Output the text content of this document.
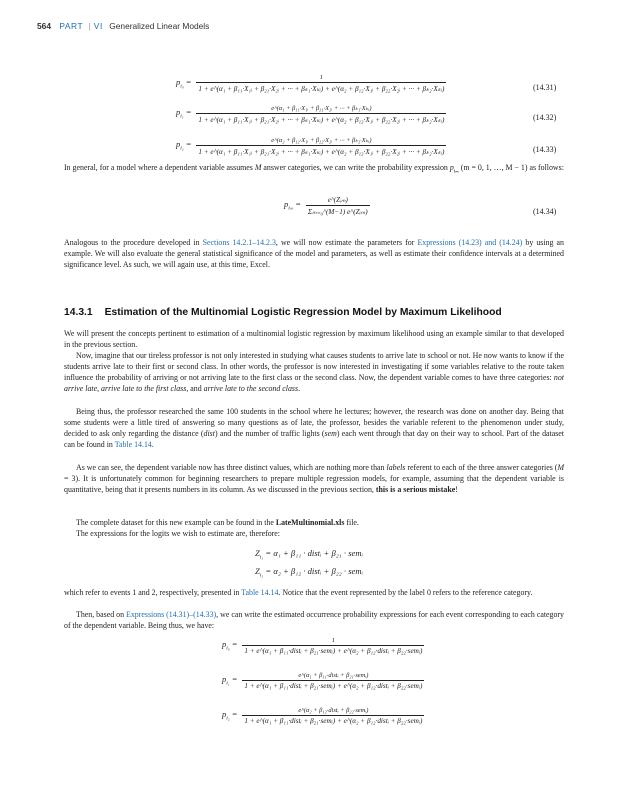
564 PART | VI Generalized Linear Models
$p_{i_0}$ =
1
1 + e^(α₁ + β₁₁·X₁ᵢ + β₂₁·X₂ᵢ + ··· + βₖ₁·Xₖᵢ) + e^(α₂ + β₁₂·X₁ᵢ + β₂₂·X₂ᵢ + ··· + βₖ₂·Xₖᵢ)	(14.31)
$p_{i_1}$ =	e^(α₁ + β₁₁·X₁ᵢ + β₂₁·X₂ᵢ + ··· + βₖ₁·Xₖᵢ)
1 + e^(α₁ + β₁₁·X₁ᵢ + β₂₁·X₂ᵢ + ··· + βₖ₁·Xₖᵢ) + e^(α₂ + β₁₂·X₁ᵢ + β₂₂·X₂ᵢ + ··· + βₖ₂·Xₖᵢ)	(14.32)
$p_{i_2}$ =	e^(α₂ + β₁₂·X₁ᵢ + β₂₂·X₂ᵢ + ··· + βₖ₂·Xₖᵢ)
1 + e^(α₁ + β₁₁·X₁ᵢ + β₂₁·X₂ᵢ + ··· + βₖ₁·Xₖᵢ) + e^(α₂ + β₁₂·X₁ᵢ + β₂₂·X₂ᵢ + ··· + βₖ₂·Xₖᵢ)	(14.33)

In general, for a model where a dependent variable assumes M answer categories, we can write the probability expression $p_{i_m}$ (m = 0, 1, …, M − 1) as follows:

$p_{i_m} = \frac{\text{e\textasciicircum{}(Zᵢₘ)}}{\text{Σₘ₌₀\textasciicircum{}(M−1) e\textasciicircum{}(Zᵢₘ)}}$	(14.34)

Analogous to the procedure developed in Sections 14.2.1–14.2.3, we will now estimate the parameters for Expressions (14.23) and (14.24) by using an example. We will also evaluate the general statistical significance of the model and parameters, as well as estimate their confidence intervals at a determined significance level. As such, we will again use, at this time, Excel.

14.3.1 Estimation of the Multinomial Logistic Regression Model by Maximum Likelihood

We will present the concepts pertinent to estimation of a multinomial logistic regression by maximum likelihood using an example similar to that developed in the previous section.

Now, imagine that our tireless professor is not only interested in studying what causes students to arrive late to school or not. He now wants to know if the students arrive late to their first or second class. In other words, the professor is now interested in investigating if some variables relative to the route taken influence the probability of arriving or not arriving late to the first class or the second class. Now, the dependent variable comes to have three categories: not arrive late, arrive late to the first class, and arrive late to the second class.

Being thus, the professor researched the same 100 students in the school where he lectures; however, the research was done on another day. Being that some students were a little tired of answering so many questions as of late, the professor, besides the variable referent to the phenomenon under study, decided to ask only regarding the distance (dist) and the number of traffic lights (sem) each went through that day on their way to school. Part of the dataset can be found in Table 14.14.

As we can see, the dependent variable now has three distinct values, which are nothing more than labels referent to each of the three answer categories (M = 3). It is unfortunately common for beginning researchers to prepare multiple regression models, for example, assuming that the dependent variable is quantitative, being that it presents numbers in its column. As we discussed in the previous section, this is a serious mistake!

The complete dataset for this new example can be found in the LateMultinomial.xls file.

The expressions for the logits we wish to estimate are, therefore:

$Z_{i_1} = \alpha_1 + \beta_{11}$ · distᵢ + β₂₁ · semᵢ
$Z_{i_2} = \alpha_2 + \beta_{12}$ · distᵢ + β₂₂ · semᵢ

which refer to events 1 and 2, respectively, presented in Table 14.14. Notice that the event represented by the label 0 refers to the reference category.

Then, based on Expressions (14.31)–(14.33), we can write the estimated occurrence probability expressions for each event corresponding to each category of the dependent variable. Being thus, we have:

$p_{i_0}$ =	1
1 + e^(α₁ + β₁₁·distᵢ + β₂₁·semᵢ) + e^(α₂ + β₁₂·distᵢ + β₂₂·semᵢ)
$p_{i_1}$ =	e^(α₁ + β₁₁·distᵢ + β₂₁·semᵢ)
1 + e^(α₁ + β₁₁·distᵢ + β₂₁·semᵢ) + e^(α₂ + β₁₂·distᵢ + β₂₂·semᵢ)
$p_{i_2}$ =	e^(α₂ + β₁₂·distᵢ + β₂₂·semᵢ)
1 + e^(α₁ + β₁₁·distᵢ + β₂₁·semᵢ) + e^(α₂ + β₁₂·distᵢ + β₂₂·semᵢ)
